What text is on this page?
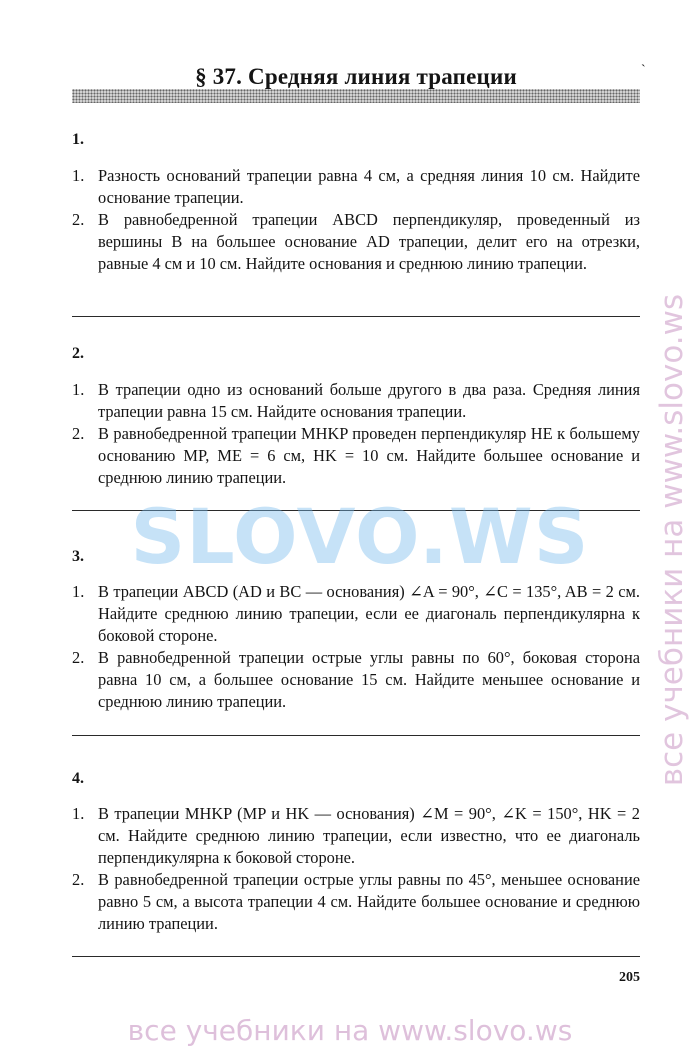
§ 37. Средняя линия трапеции	`
1.
1. Разность оснований трапеции равна 4 см, а средняя линия 10 см. Найдите основание трапеции.
2. В равнобедренной трапеции ABCD перпендикуляр, проведенный из вершины B на большее основание AD трапеции, делит его на отрезки, равные 4 см и 10 см. Найдите основания и среднюю линию трапеции.
2.
1. В трапеции одно из оснований больше другого в два раза. Средняя линия трапеции равна 15 см. Найдите основания трапеции.
2. В равнобедренной трапеции MHKP проведен перпендикуляр HE к большему основанию MP, ME = 6 см, HK = 10 см. Найдите большее основание и среднюю линию трапеции.
3.
1. В трапеции ABCD (AD и BC — основания) ∠A = 90°, ∠C = 135°, AB = 2 см. Найдите среднюю линию трапеции, если ее диагональ перпендикулярна к боковой стороне.
2. В равнобедренной трапеции острые углы равны по 60°, боковая сторона равна 10 см, а большее основание 15 см. Найдите меньшее основание и среднюю линию трапеции.
4.
1. В трапеции MHKP (MP и HK — основания) ∠M = 90°, ∠K = 150°, HK = 2 см. Найдите среднюю линию трапеции, если известно, что ее диагональ перпендикулярна к боковой стороне.
2. В равнобедренной трапеции острые углы равны по 45°, меньшее основание равно 5 см, а высота трапеции 4 см. Найдите большее основание и среднюю линию трапеции.
205
SLOVO.WS	все учебники на www.slovo.ws
все учебники на www.slovo.ws
